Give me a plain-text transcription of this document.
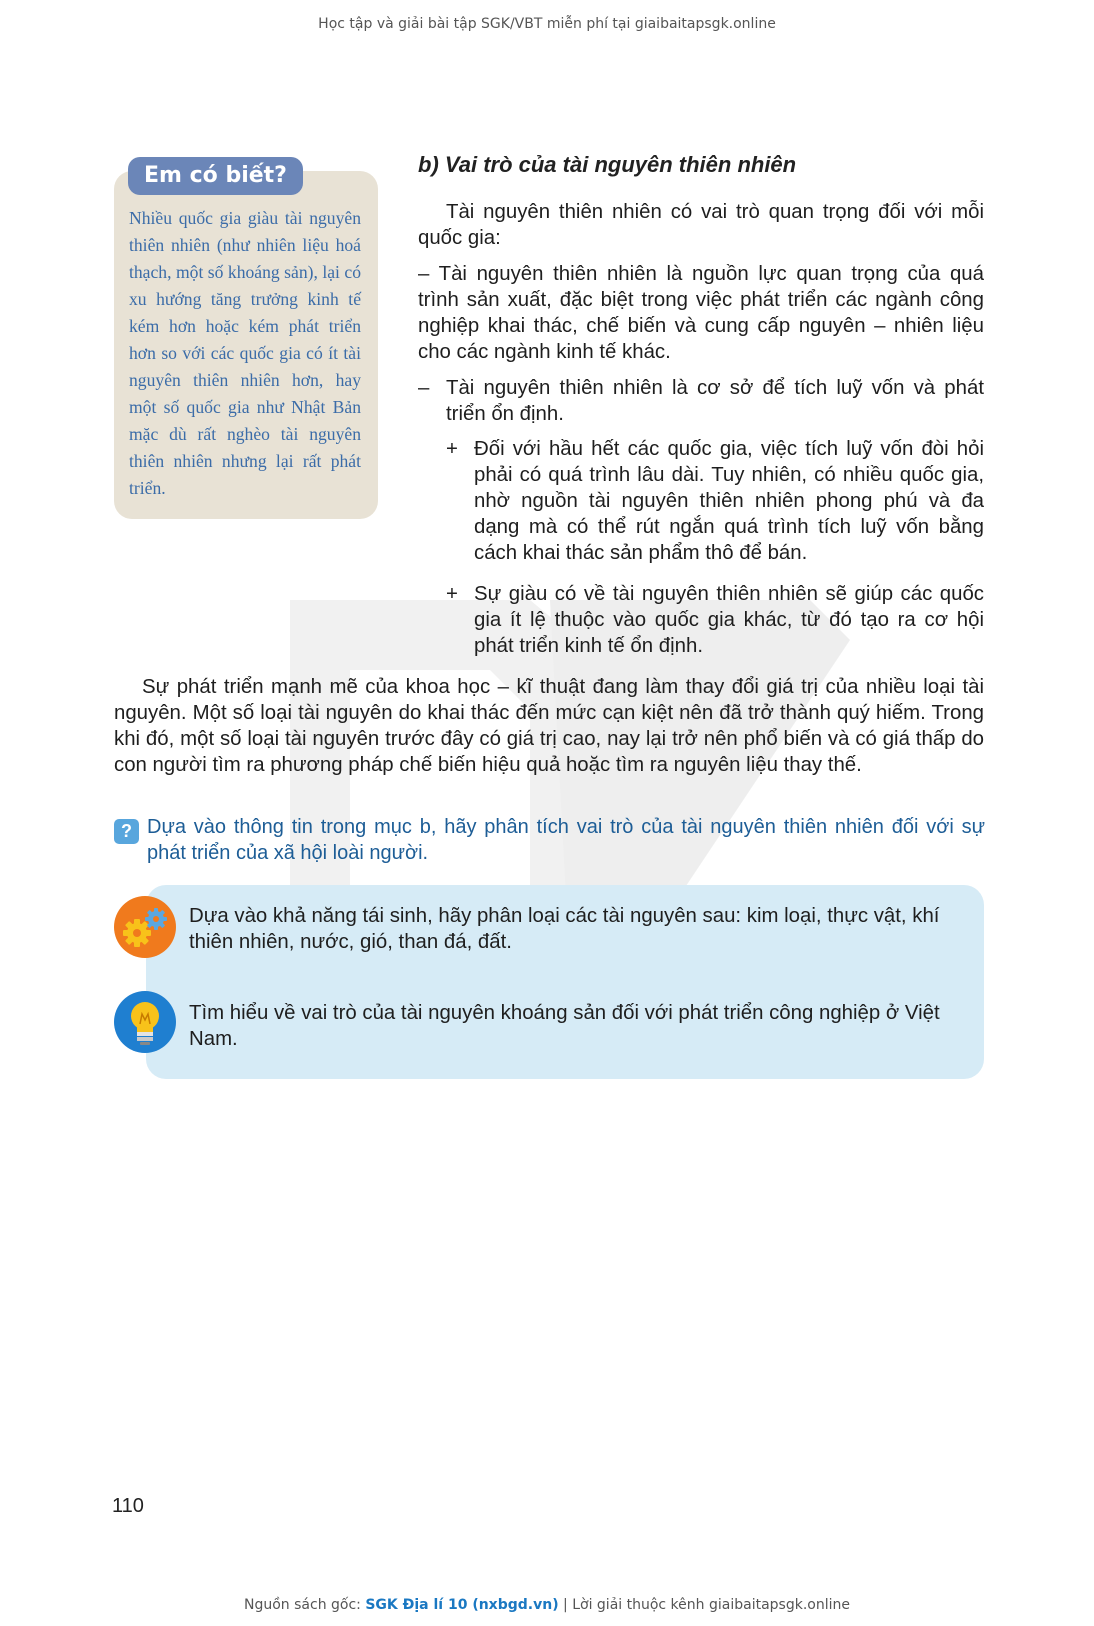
Học tập và giải bài tập SGK/VBT miễn phí tại giaibaitapsgk.online
Em có biết?
Nhiều quốc gia giàu tài nguyên thiên nhiên (như nhiên liệu hoá thạch, một số khoáng sản), lại có xu hướng tăng trưởng kinh tế kém hơn hoặc kém phát triển hơn so với các quốc gia có ít tài nguyên thiên nhiên hơn, hay một số quốc gia như Nhật Bản mặc dù rất nghèo tài nguyên thiên nhiên nhưng lại rất phát triển.
b) Vai trò của tài nguyên thiên nhiên
Tài nguyên thiên nhiên có vai trò quan trọng đối với mỗi quốc gia:
– Tài nguyên thiên nhiên là nguồn lực quan trọng của quá trình sản xuất, đặc biệt trong việc phát triển các ngành công nghiệp khai thác, chế biến và cung cấp nguyên – nhiên liệu cho các ngành kinh tế khác.
– Tài nguyên thiên nhiên là cơ sở để tích luỹ vốn và phát triển ổn định.
+ Đối với hầu hết các quốc gia, việc tích luỹ vốn đòi hỏi phải có quá trình lâu dài. Tuy nhiên, có nhiều quốc gia, nhờ nguồn tài nguyên thiên nhiên phong phú và đa dạng mà có thể rút ngắn quá trình tích luỹ vốn bằng cách khai thác sản phẩm thô để bán.
+ Sự giàu có về tài nguyên thiên nhiên sẽ giúp các quốc gia ít lệ thuộc vào quốc gia khác, từ đó tạo ra cơ hội phát triển kinh tế ổn định.
Sự phát triển mạnh mẽ của khoa học – kĩ thuật đang làm thay đổi giá trị của nhiều loại tài nguyên. Một số loại tài nguyên do khai thác đến mức cạn kiệt nên đã trở thành quý hiếm. Trong khi đó, một số loại tài nguyên trước đây có giá trị cao, nay lại trở nên phổ biến và có giá thấp do con người tìm ra phương pháp chế biến hiệu quả hoặc tìm ra nguyên liệu thay thế.
? Dựa vào thông tin trong mục b, hãy phân tích vai trò của tài nguyên thiên nhiên đối với sự phát triển của xã hội loài người.
Dựa vào khả năng tái sinh, hãy phân loại các tài nguyên sau: kim loại, thực vật, khí thiên nhiên, nước, gió, than đá, đất.
Tìm hiểu về vai trò của tài nguyên khoáng sản đối với phát triển công nghiệp ở Việt Nam.
110
Nguồn sách gốc: SGK Địa lí 10 (nxbgd.vn) | Lời giải thuộc kênh giaibaitapsgk.online
